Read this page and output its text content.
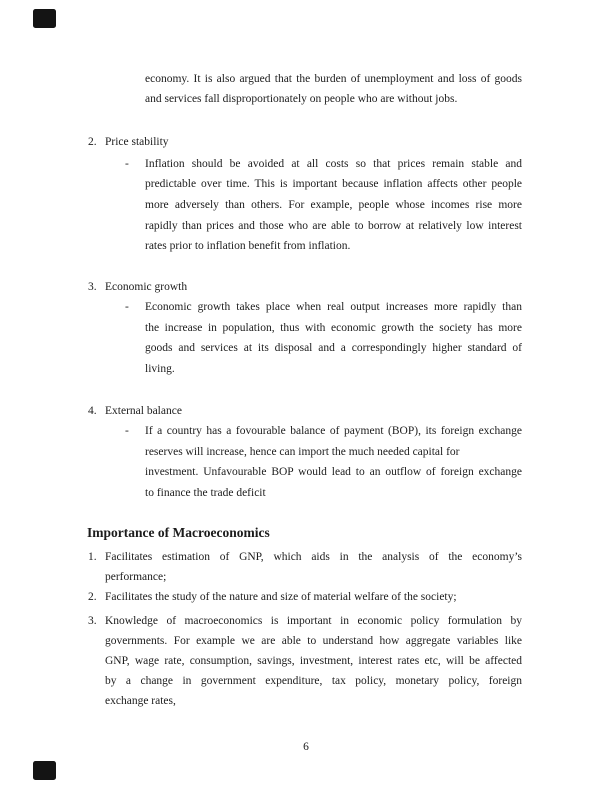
economy. It is also argued that the burden of unemployment and loss of goods
and services fall disproportionately on people who are without jobs.
2. Price stability
- Inflation should be avoided at all costs so that prices remain stable and
predictable over time. This is important because inflation affects other people
more adversely than others. For example, people whose incomes rise more
rapidly than prices and those who are able to borrow at relatively low interest
rates prior to inflation benefit from inflation.
3. Economic growth
- Economic growth takes place when real output increases more rapidly than
the increase in population, thus with economic growth the society has more
goods and services at its disposal and a correspondingly higher standard of
living.
4. External balance
- If a country has a fovourable balance of payment (BOP), its foreign exchange
reserves will increase, hence can import the much needed capital for
investment. Unfavourable BOP would lead to an outflow of foreign exchange
to finance the trade deficit
Importance of Macroeconomics
1. Facilitates estimation of GNP, which aids in the analysis of the economy’s
performance;
2. Facilitates the study of the nature and size of material welfare of the society;
3. Knowledge of macroeconomics is important in economic policy formulation by
governments. For example we are able to understand how aggregate variables like
GNP, wage rate, consumption, savings, investment, interest rates etc, will be affected
by a change in government expenditure, tax policy, monetary policy, foreign
exchange rates,
6
